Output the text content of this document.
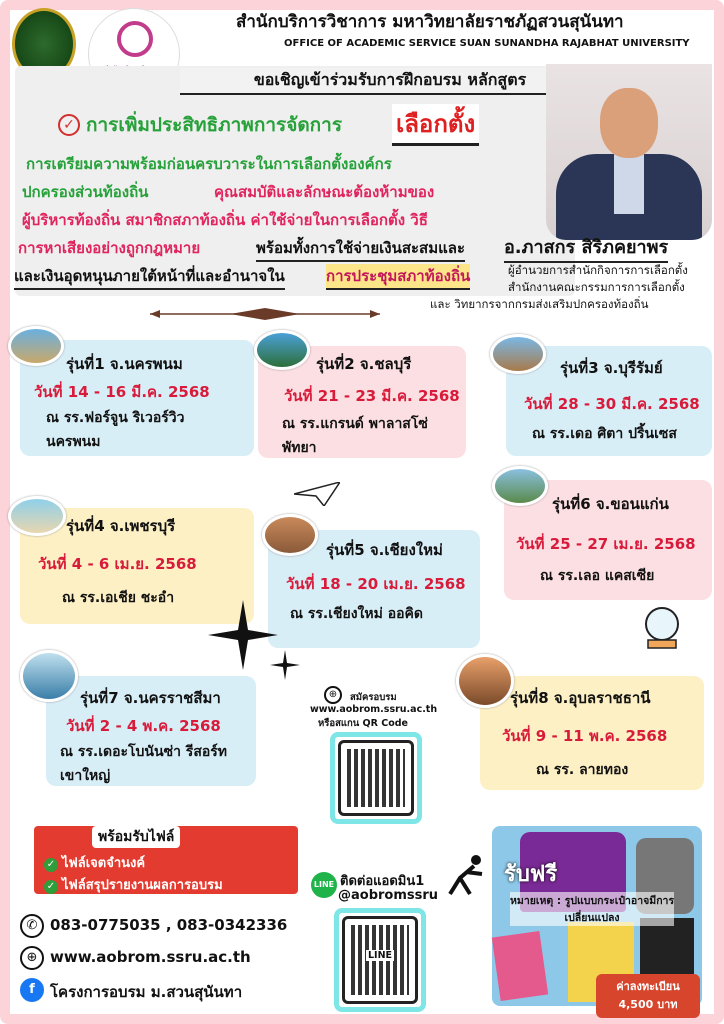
สำนักบริการวิชาการ มหาวิทยาลัยราชภัฏสวนสุนันทา
OFFICE OF ACADEMIC SERVICE SUAN SUNANDHA RAJABHAT UNIVERSITY
ขอเชิญเข้าร่วมรับการฝึกอบรม หลักสูตร
✓ การเพิ่มประสิทธิภาพการจัดการ เลือกตั้ง
การเตรียมความพร้อมก่อนครบวาระในการเลือกตั้งองค์กร
ปกครองส่วนท้องถิ่น	คุณสมบัติและลักษณะต้องห้ามของ
ผู้บริหารท้องถิ่น สมาชิกสภาท้องถิ่น ค่าใช้จ่ายในการเลือกตั้ง วิธี
การหาเสียงอย่างถูกกฎหมาย	พร้อมทั้งการใช้จ่ายเงินสะสมและ
และเงินอุดหนุนภายใต้หน้าที่และอำนาจใน	การประชุมสภาท้องถิ่น
อ.ภาสกร สิริภคยาพร
ผู้อำนวยการสำนักกิจการการเลือกตั้ง
สำนักงานคณะกรรมการการเลือกตั้ง
และ วิทยากรจากกรมส่งเสริมปกครองท้องถิ่น
รุ่นที่1 จ.นครพนม
วันที่ 14 - 16 มี.ค. 2568
ณ รร.ฟอร์จูน ริเวอร์วิว
นครพนม
รุ่นที่2 จ.ชลบุรี
วันที่ 21 - 23 มี.ค. 2568
ณ รร.แกรนด์ พาลาสโซ่
พัทยา
รุ่นที่3 จ.บุรีรัมย์
วันที่ 28 - 30 มี.ค. 2568
ณ รร.เดอ ศิตา ปริ้นเซส
รุ่นที่4 จ.เพชรบุรี
วันที่ 4 - 6 เม.ย. 2568
ณ รร.เอเชีย ชะอำ
รุ่นที่5 จ.เชียงใหม่
วันที่ 18 - 20 เม.ย. 2568
ณ รร.เชียงใหม่ ออคิด
รุ่นที่6 จ.ขอนแก่น
วันที่ 25 - 27 เม.ย. 2568
ณ รร.เลอ แคสเซีย
รุ่นที่7 จ.นครราชสีมา
วันที่ 2 - 4 พ.ค. 2568
ณ รร.เดอะโบนันซ่า รีสอร์ท
เขาใหญ่
รุ่นที่8 จ.อุบลราชธานี
วันที่ 9 - 11 พ.ค. 2568
ณ รร. ลายทอง
⊕	สมัครอบรม
www.aobrom.ssru.ac.th
หรือสแกน QR Code
พร้อมรับไฟล์
✓ ไฟล์เจตจำนงค์
✓ ไฟล์สรุปรายงานผลการอบรม
✆ 083-0775035 , 083-0342336
⊕ www.aobrom.ssru.ac.th
f	โครงการอบรม ม.สวนสุนันทา
LINE ติดต่อแอดมิน1
@aobromssru
LINE
รับฟรี
หมายเหตุ : รูปแบบกระเป๋าอาจมีการ
เปลี่ยนแปลง
ค่าลงทะเบียน
4,500 บาท
